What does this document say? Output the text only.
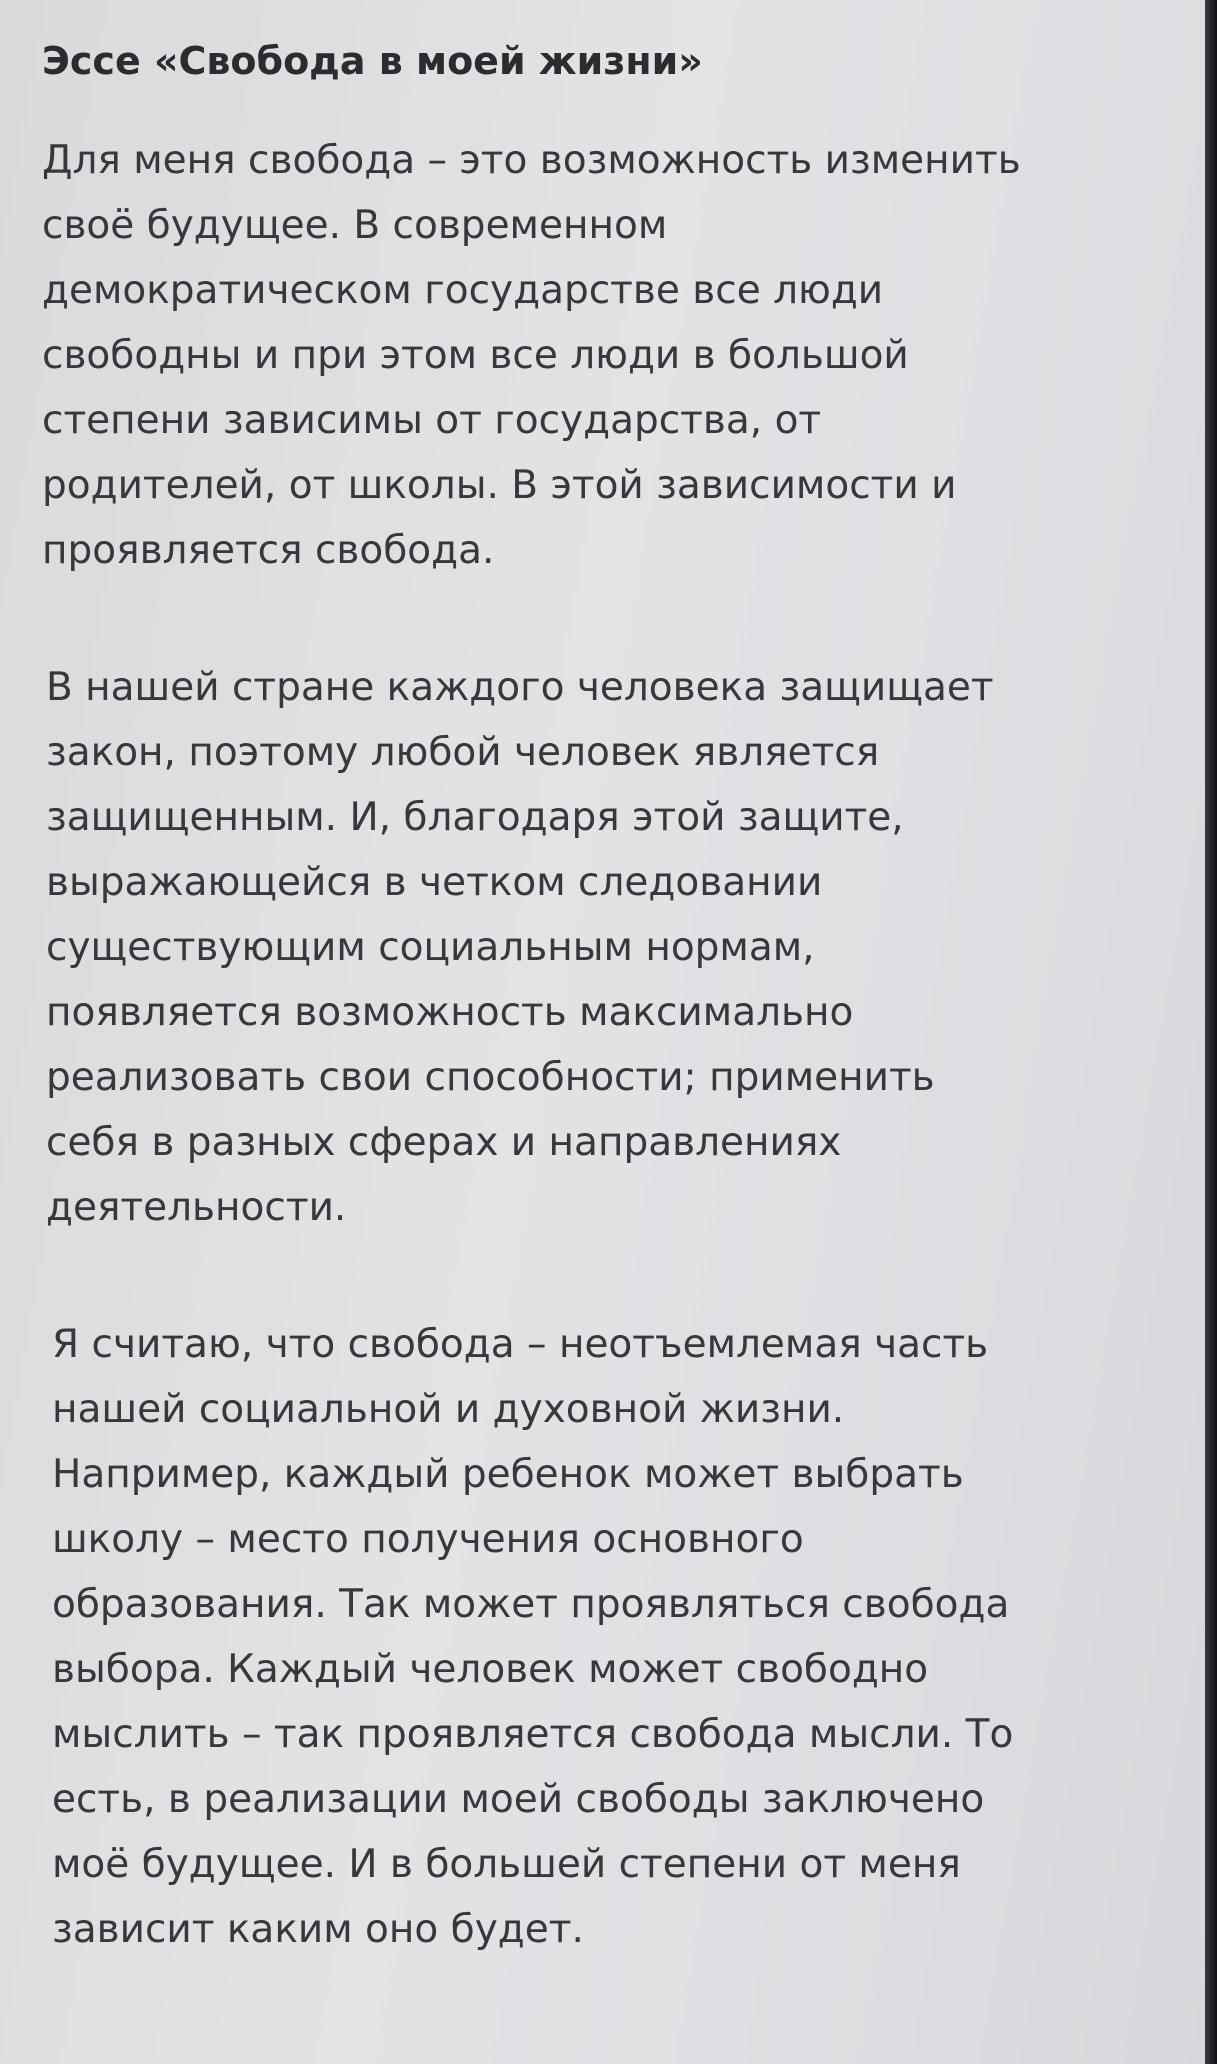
Эссе «Свобода в моей жизни»
Для меня свобода – это возможность изменить
своё будущее. В современном
демократическом государстве все люди
свободны и при этом все люди в большой
степени зависимы от государства, от
родителей, от школы. В этой зависимости и
проявляется свобода.
В нашей стране каждого человека защищает
закон, поэтому любой человек является
защищенным. И, благодаря этой защите,
выражающейся в четком следовании
существующим социальным нормам,
появляется возможность максимально
реализовать свои способности; применить
себя в разных сферах и направлениях
деятельности.
Я считаю, что свобода – неотъемлемая часть
нашей социальной и духовной жизни.
Например, каждый ребенок может выбрать
школу – место получения основного
образования. Так может проявляться свобода
выбора. Каждый человек может свободно
мыслить – так проявляется свобода мысли. То
есть, в реализации моей свободы заключено
моё будущее. И в большей степени от меня
зависит каким оно будет.
